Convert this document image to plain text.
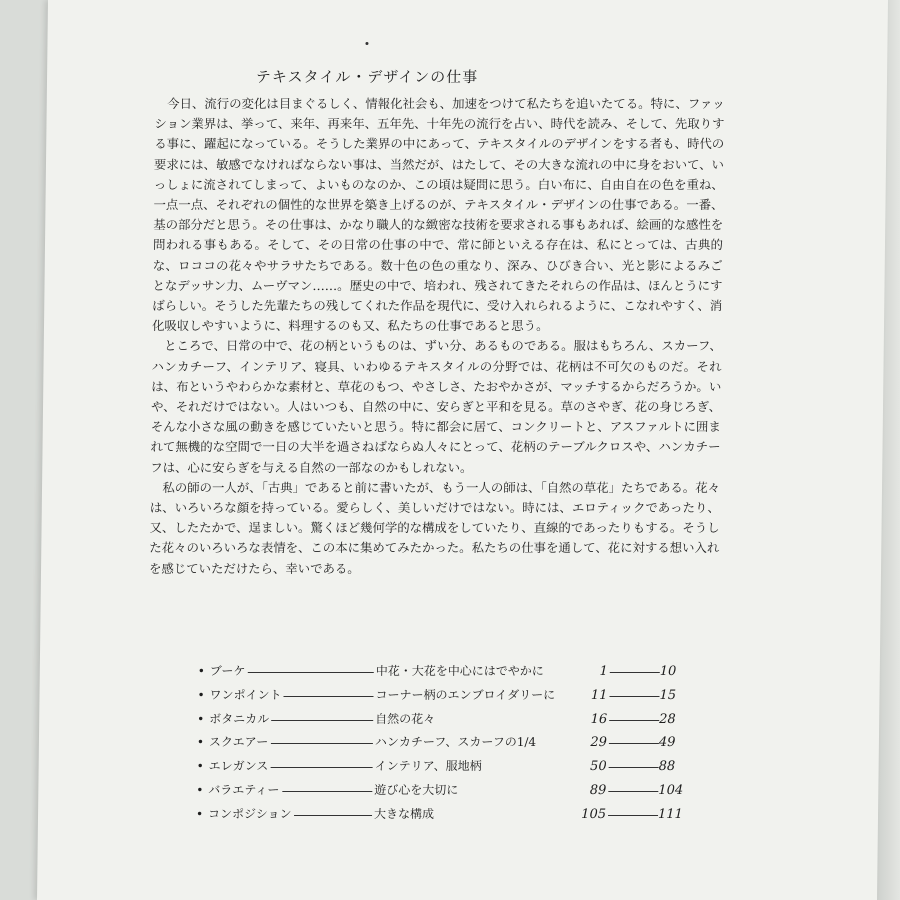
テキスタイル・デザインの仕事

今日、流行の変化は目まぐるしく、情報化社会も、加速をつけて私たちを追いたてる。特に、ファッション業界は、挙って、来年、再来年、五年先、十年先の流行を占い、時代を読み、そして、先取りする事に、躍起になっている。そうした業界の中にあって、テキスタイルのデザインをする者も、時代の要求には、敏感でなければならない事は、当然だが、はたして、その大きな流れの中に身をおいて、いっしょに流されてしまって、よいものなのか、この頃は疑問に思う。白い布に、自由自在の色を重ね、一点一点、それぞれの個性的な世界を築き上げるのが、テキスタイル・デザインの仕事である。一番、基の部分だと思う。その仕事は、かなり職人的な緻密な技術を要求される事もあれば、絵画的な感性を問われる事もある。そして、その日常の仕事の中で、常に師といえる存在は、私にとっては、古典的な、ロココの花々やサラサたちである。数十色の色の重なり、深み、ひびき合い、光と影によるみごとなデッサン力、ムーヴマン……。歴史の中で、培われ、残されてきたそれらの作品は、ほんとうにすばらしい。そうした先輩たちの残してくれた作品を現代に、受け入れられるように、こなれやすく、消化吸収しやすいように、料理するのも又、私たちの仕事であると思う。

ところで、日常の中で、花の柄というものは、ずい分、あるものである。服はもちろん、スカーフ、ハンカチーフ、インテリア、寝具、いわゆるテキスタイルの分野では、花柄は不可欠のものだ。それは、布というやわらかな素材と、草花のもつ、やさしさ、たおやかさが、マッチするからだろうか。いや、それだけではない。人はいつも、自然の中に、安らぎと平和を見る。草のさやぎ、花の身じろぎ、そんな小さな風の動きを感じていたいと思う。特に都会に居て、コンクリートと、アスファルトに囲まれて無機的な空間で一日の大半を過さねばならぬ人々にとって、花柄のテーブルクロスや、ハンカチーフは、心に安らぎを与える自然の一部なのかもしれない。

私の師の一人が、「古典」であると前に書いたが、もう一人の師は、「自然の草花」たちである。花々は、いろいろな顔を持っている。愛らしく、美しいだけではない。時には、エロティックであったり、又、したたかで、逞ましい。驚くほど幾何学的な構成をしていたり、直線的であったりもする。そうした花々のいろいろな表情を、この本に集めてみたかった。私たちの仕事を通して、花に対する想い入れを感じていただけたら、幸いである。

• ブーケ	中花・大花を中心にはでやかに	1	10
• ワンポイント	コーナー柄のエンブロイダリーに	11	15
• ボタニカル	自然の花々	16	28
• スクエアー	ハンカチーフ、スカーフの1/4	29	49
• エレガンス	インテリア、服地柄	50	88
• バラエティー	遊び心を大切に	89	104
• コンポジション	大きな構成	105	111
